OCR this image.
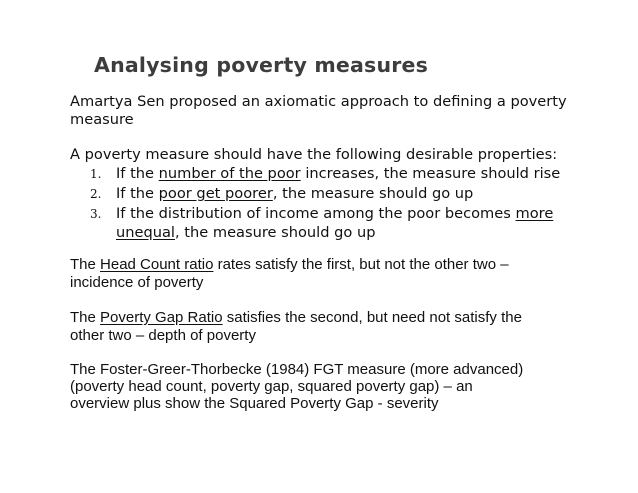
Analysing poverty measures
Amartya Sen proposed an axiomatic approach to defining a poverty
measure
A poverty measure should have the following desirable properties:
1. If the number of the poor increases, the measure should rise
2. If the poor get poorer, the measure should go up
3. If the distribution of income among the poor becomes more
unequal, the measure should go up
The Head Count ratio rates satisfy the first, but not the other two –
incidence of poverty
The Poverty Gap Ratio satisfies the second, but need not satisfy the
other two – depth of poverty
The Foster-Greer-Thorbecke (1984) FGT measure (more advanced)
(poverty head count, poverty gap, squared poverty gap) – an
overview plus show the Squared Poverty Gap - severity
